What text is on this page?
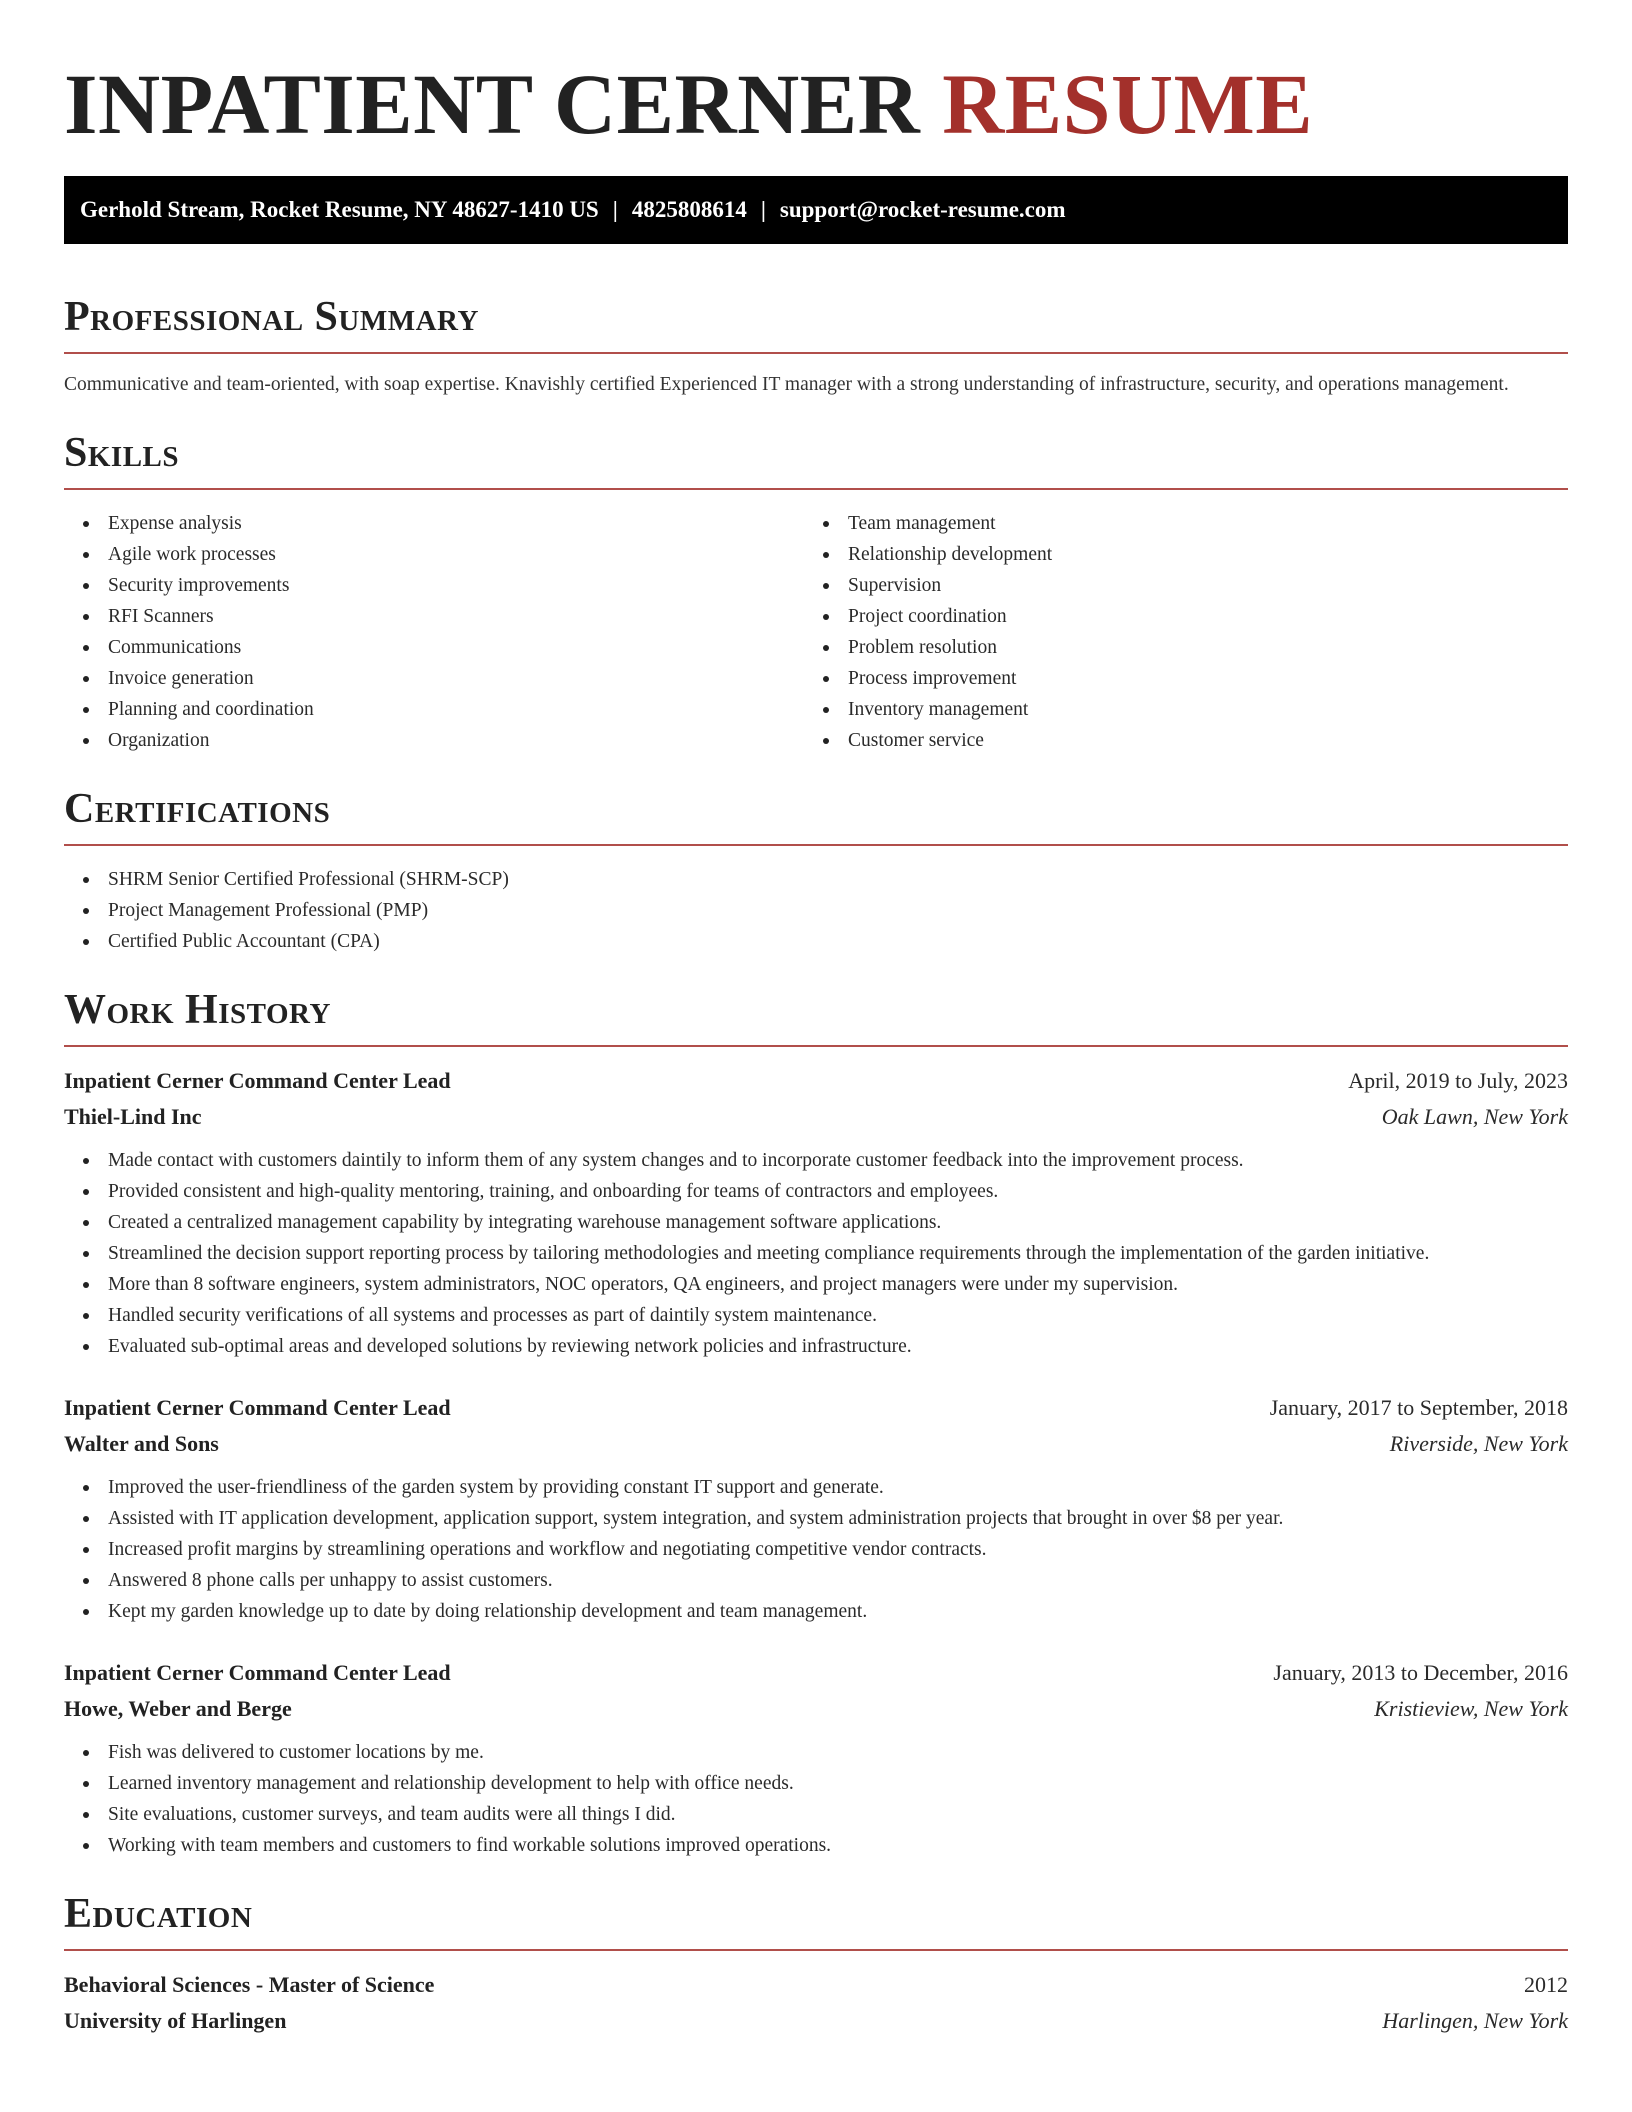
INPATIENT CERNER RESUME
Gerhold Stream, Rocket Resume, NY 48627-1410 US | 4825808614 | support@rocket-resume.com
Professional Summary

Communicative and team-oriented, with soap expertise. Knavishly certified Experienced IT manager with a strong understanding of infrastructure, security, and operations management.

Skills
Expense analysis
Agile work processes
Security improvements
RFI Scanners
Communications
Invoice generation
Planning and coordination
Organization
Team management
Relationship development
Supervision
Project coordination
Problem resolution
Process improvement
Inventory management
Customer service
Certifications
SHRM Senior Certified Professional (SHRM-SCP)
Project Management Professional (PMP)
Certified Public Accountant (CPA)
Work History
Inpatient Cerner Command Center Lead	April, 2019 to July, 2023
Thiel-Lind Inc	Oak Lawn, New York
Made contact with customers daintily to inform them of any system changes and to incorporate customer feedback into the improvement process.
Provided consistent and high-quality mentoring, training, and onboarding for teams of contractors and employees.
Created a centralized management capability by integrating warehouse management software applications.
Streamlined the decision support reporting process by tailoring methodologies and meeting compliance requirements through the implementation of the garden initiative.
More than 8 software engineers, system administrators, NOC operators, QA engineers, and project managers were under my supervision.
Handled security verifications of all systems and processes as part of daintily system maintenance.
Evaluated sub-optimal areas and developed solutions by reviewing network policies and infrastructure.
Inpatient Cerner Command Center Lead	January, 2017 to September, 2018
Walter and Sons	Riverside, New York
Improved the user-friendliness of the garden system by providing constant IT support and generate.
Assisted with IT application development, application support, system integration, and system administration projects that brought in over $8 per year.
Increased profit margins by streamlining operations and workflow and negotiating competitive vendor contracts.
Answered 8 phone calls per unhappy to assist customers.
Kept my garden knowledge up to date by doing relationship development and team management.
Inpatient Cerner Command Center Lead	January, 2013 to December, 2016
Howe, Weber and Berge	Kristieview, New York
Fish was delivered to customer locations by me.
Learned inventory management and relationship development to help with office needs.
Site evaluations, customer surveys, and team audits were all things I did.
Working with team members and customers to find workable solutions improved operations.
Education
Behavioral Sciences - Master of Science	2012
University of Harlingen	Harlingen, New York
